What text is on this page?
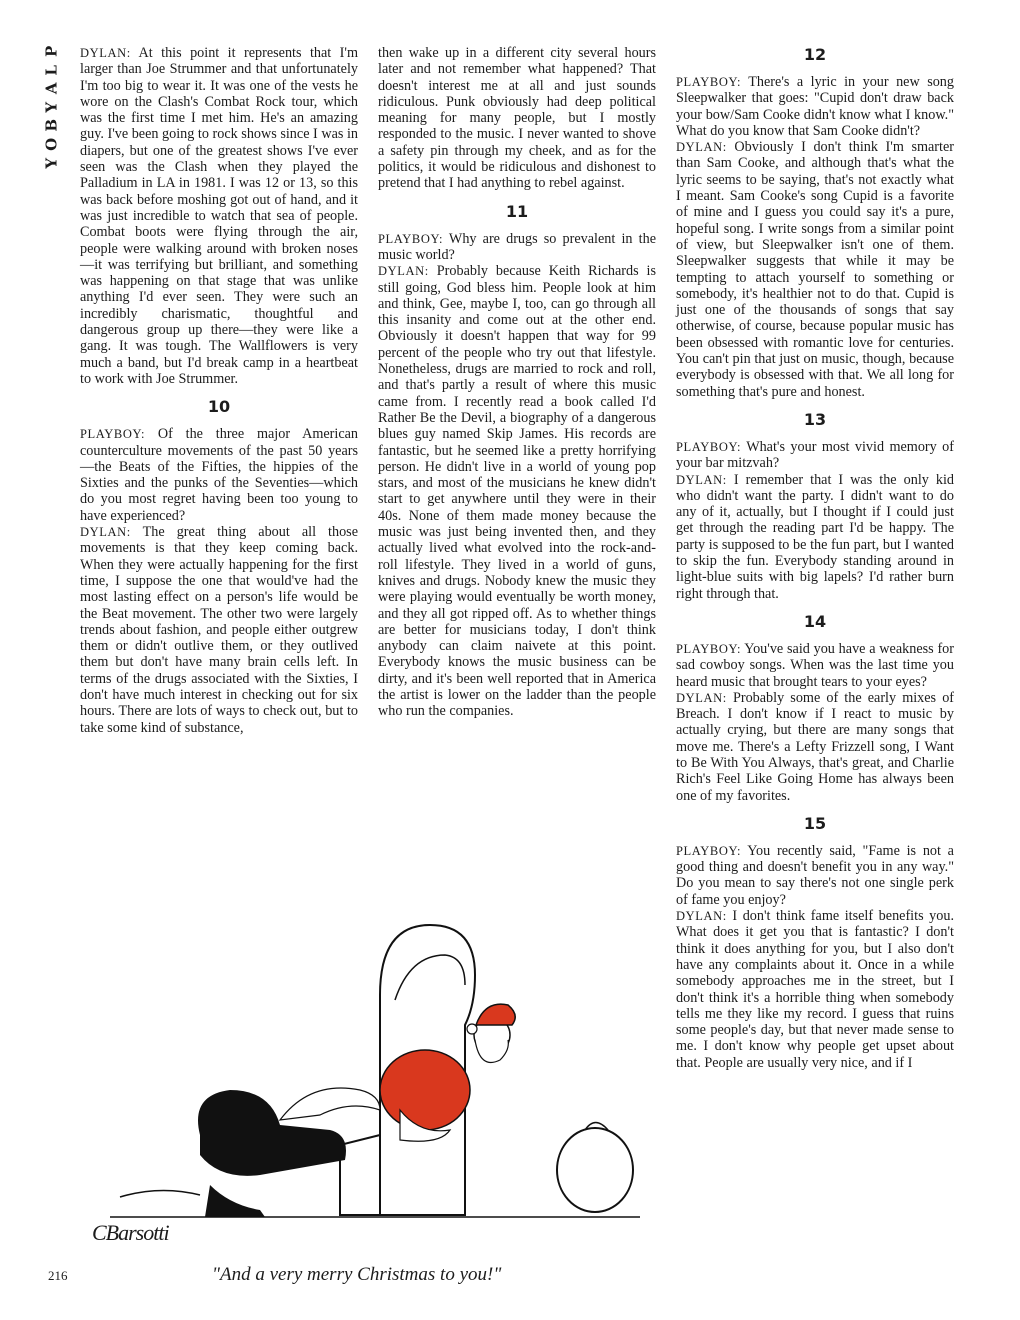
P
L
A
Y
B
O
Y

DYLAN: At this point it represents that I'm larger than Joe Strummer and that unfortunately I'm too big to wear it. It was one of the vests he wore on the Clash's Combat Rock tour, which was the first time I met him. He's an amazing guy. I've been going to rock shows since I was in diapers, but one of the greatest shows I've ever seen was the Clash when they played the Palladium in LA in 1981. I was 12 or 13, so this was back before moshing got out of hand, and it was just incredible to watch that sea of people. Combat boots were flying through the air, people were walking around with broken noses—it was terrifying but brilliant, and something was happening on that stage that was unlike anything I'd ever seen. They were such an incredibly charismatic, thoughtful and dangerous group up there—they were like a gang. It was tough. The Wallflowers is very much a band, but I'd break camp in a heartbeat to work with Joe Strummer.

10

PLAYBOY: Of the three major American counterculture movements of the past 50 years—the Beats of the Fifties, the hippies of the Sixties and the punks of the Seventies—which do you most regret having been too young to have experienced?

DYLAN: The great thing about all those movements is that they keep coming back. When they were actually happening for the first time, I suppose the one that would've had the most lasting effect on a person's life would be the Beat movement. The other two were largely trends about fashion, and people either outgrew them or didn't outlive them, or they outlived them but don't have many brain cells left. In terms of the drugs associated with the Sixties, I don't have much interest in checking out for six hours. There are lots of ways to check out, but to take some kind of substance,

then wake up in a different city several hours later and not remember what happened? That doesn't interest me at all and just sounds ridiculous. Punk obviously had deep political meaning for many people, but I mostly responded to the music. I never wanted to shove a safety pin through my cheek, and as for the politics, it would be ridiculous and dishonest to pretend that I had anything to rebel against.

11

PLAYBOY: Why are drugs so prevalent in the music world?

DYLAN: Probably because Keith Richards is still going, God bless him. People look at him and think, Gee, maybe I, too, can go through all this insanity and come out at the other end. Obviously it doesn't happen that way for 99 percent of the people who try out that lifestyle. Nonetheless, drugs are married to rock and roll, and that's partly a result of where this music came from. I recently read a book called I'd Rather Be the Devil, a biography of a dangerous blues guy named Skip James. His records are fantastic, but he seemed like a pretty horrifying person. He didn't live in a world of young pop stars, and most of the musicians he knew didn't start to get anywhere until they were in their 40s. None of them made money because the music was just being invented then, and they actually lived what evolved into the rock-and-roll lifestyle. They lived in a world of guns, knives and drugs. Nobody knew the music they were playing would eventually be worth money, and they all got ripped off. As to whether things are better for musicians today, I don't think anybody can claim naivete at this point. Everybody knows the music business can be dirty, and it's been well reported that in America the artist is lower on the ladder than the people who run the companies.

12

PLAYBOY: There's a lyric in your new song Sleepwalker that goes: "Cupid don't draw back your bow/Sam Cooke didn't know what I know." What do you know that Sam Cooke didn't?

DYLAN: Obviously I don't think I'm smarter than Sam Cooke, and although that's what the lyric seems to be saying, that's not exactly what I meant. Sam Cooke's song Cupid is a favorite of mine and I guess you could say it's a pure, hopeful song. I write songs from a similar point of view, but Sleepwalker isn't one of them. Sleepwalker suggests that while it may be tempting to attach yourself to something or somebody, it's healthier not to do that. Cupid is just one of the thousands of songs that say otherwise, of course, because popular music has been obsessed with romantic love for centuries. You can't pin that just on music, though, because everybody is obsessed with that. We all long for something that's pure and honest.

13

PLAYBOY: What's your most vivid memory of your bar mitzvah?

DYLAN: I remember that I was the only kid who didn't want the party. I didn't want to do any of it, actually, but I thought if I could just get through the reading part I'd be happy. The party is supposed to be the fun part, but I wanted to skip the fun. Everybody standing around in light-blue suits with big lapels? I'd rather burn right through that.

14

PLAYBOY: You've said you have a weakness for sad cowboy songs. When was the last time you heard music that brought tears to your eyes?

DYLAN: Probably some of the early mixes of Breach. I don't know if I react to music by actually crying, but there are many songs that move me. There's a Lefty Frizzell song, I Want to Be With You Always, that's great, and Charlie Rich's Feel Like Going Home has always been one of my favorites.

15

PLAYBOY: You recently said, "Fame is not a good thing and doesn't benefit you in any way." Do you mean to say there's not one single perk of fame you enjoy?

DYLAN: I don't think fame itself benefits you. What does it get you that is fantastic? I don't think it does anything for you, but I also don't have any complaints about it. Once in a while somebody approaches me in the street, but I don't think it's a horrible thing when somebody tells me they like my record. I guess that ruins some people's day, but that never made sense to me. I don't know why people get upset about that. People are usually very nice, and if I

CBarsotti
216	"And a very merry Christmas to you!"
